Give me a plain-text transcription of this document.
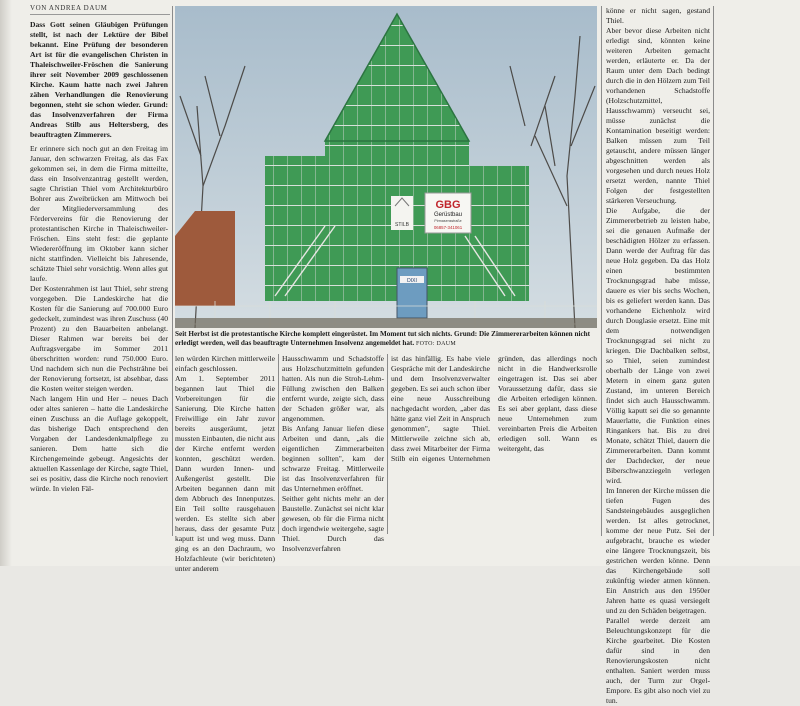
VON ANDREA DAUM

Dass Gott seinen Gläubigen Prüfungen stellt, ist nach der Lektüre der Bibel bekannt. Eine Prüfung der besonderen Art ist für die evangelischen Christen in Thaleischweiler-Fröschen die Sanierung ihrer seit November 2009 geschlossenen Kirche. Kaum hatte nach zwei Jahren zähen Verhandlungen die Renovierung begonnen, steht sie schon wieder. Grund: das Insolvenzverfahren der Firma Andreas Stilb aus Heltersberg, des beauftragten Zimmerers.

Er erinnere sich noch gut an den Freitag im Januar, den schwarzen Freitag, als das Fax gekommen sei, in dem die Firma mitteilte, dass ein Insolvenzantrag gestellt werden, sagte Christian Thiel vom Architekturbüro Bohrer aus Zweibrücken am Mittwoch bei der Mitgliederversammlung des Fördervereins für die Renovierung der protestantischen Kirche in Thaleischweiler-Fröschen. Eins steht fest: die geplante Wiedereröffnung im Oktober kann sicher nicht stattfinden. Vielleicht bis Jahresende, schätzte Thiel sehr vorsichtig. Wenn alles gut laufe.
Der Kostenrahmen ist laut Thiel, sehr streng vorgegeben. Die Landeskirche hat die Kosten für die Sanierung auf 700.000 Euro gedeckelt, zumindest was ihren Zuschuss (40 Prozent) zu den Bauarbeiten anbelangt. Dieser Rahmen war bereits bei der Auftragsvergabe im Sommer 2011 überschritten worden: rund 750.000 Euro. Und nachdem sich nun die Pechsträhne bei der Renovierung fortsetzt, ist absehbar, dass die Kosten weiter steigen werden.
Nach langem Hin und Her – neues Dach oder altes sanieren – hatte die Landeskirche einen Zuschuss an die Auflage gekoppelt, das bisherige Dach entsprechend den Vorgaben der Landesdenkmalpflege zu sanieren. Dem hatte sich die Kirchengemeinde gebeugt. Angesichts der aktuellen Kassenlage der Kirche, sagte Thiel, sei es positiv, dass die Kirche noch renoviert würde. In vielen Fäl-

STILB
GBG
Gerüstbau
Pirmasensstraße
06857-341061
DIXI
Seit Herbst ist die protestantische Kirche komplett eingerüstet. Im Moment tut sich nichts. Grund: Die Zimmererarbeiten können nicht erledigt werden, weil das beauftragte Unternehmen Insolvenz angemeldet hat. FOTO: DAUM

len würden Kirchen mittlerweile einfach geschlossen.
Am 1. September 2011 begannen laut Thiel die Vorbereitungen für die Sanierung. Die Kirche hatten Freiwillige ein Jahr zuvor bereits ausgeräumt, jetzt mussten Einbauten, die nicht aus der Kirche entfernt werden konnten, geschützt werden. Dann wurden Innen- und Außengerüst gestellt. Die Arbeiten begannen dann mit dem Abbruch des Innenputzes. Ein Teil sollte rausgehauen werden. Es stellte sich aber heraus, dass der gesamte Putz kaputt ist und weg muss. Dann ging es an den Dachraum, wo Holzfachleute (wir berichteten) unter anderem

Hausschwamm und Schadstoffe aus Holzschutzmitteln gefunden hatten. Als nun die Stroh-Lehm-Füllung zwischen den Balken entfernt wurde, zeigte sich, dass der Schaden größer war, als angenommen.
Bis Anfang Januar liefen diese Arbeiten und dann, „als die eigentlichen Zimmerarbeiten beginnen sollten", kam der schwarze Freitag. Mittlerweile ist das Insolvenzverfahren für das Unternehmen eröffnet.
Seither geht nichts mehr an der Baustelle. Zunächst sei nicht klar gewesen, ob für die Firma nicht doch irgendwie weitergehe, sagte Thiel. Durch das Insolvenzverfahren

ist das hinfällig. Es habe viele Gespräche mit der Landeskirche und dem Insolvenzverwalter gegeben. Es sei auch schon über eine neue Ausschreibung nachgedacht worden, „aber das hätte ganz viel Zeit in Anspruch genommen", sagte Thiel. Mittlerweile zeichne sich ab, dass zwei Mitarbeiter der Firma Stilb ein eigenes Unternehmen gründen, das allerdings noch nicht in die Handwerksrolle eingetragen ist. Das sei aber Voraussetzung dafür, dass sie die Arbeiten erledigen können. Es sei aber geplant, dass diese neue Unternehmen zum vereinbarten Preis die Arbeiten erledigen soll. Wann es weitergeht, das

könne er nicht sagen, gestand Thiel.
Aber bevor diese Arbeiten nicht erledigt sind, könnten keine weiteren Arbeiten gemacht werden, erläuterte er. Da der Raum unter dem Dach bedingt durch die in den Hölzern zum Teil vorhandenen Schadstoffe (Holzschutzmittel, Hausschwamm) verseucht sei, müsse zunächst die Kontamination beseitigt werden: Balken müssen zum Teil getauscht, andere müssen länger abgeschnitten werden als vorgesehen und durch neues Holz ersetzt werden, nannte Thiel Folgen der festgestellten stärkeren Verseuchung.
Die Aufgabe, die der Zimmererbetrieb zu leisten habe, sei die genauen Aufmaße der beschädigten Hölzer zu erfassen. Dann werde der Auftrag für das neue Holz gegeben. Da das Holz einen bestimmten Trocknungsgrad habe müsse, dauere es vier bis sechs Wochen, bis es geliefert werden kann. Das vorhandene Eichenholz wird durch Douglasie ersetzt. Eine mit dem notwendigen Trocknungsgrad sei nicht zu kriegen. Die Dachbalken selbst, so Thiel, seien zumindest oberhalb der Länge von zwei Metern in einem ganz guten Zustand, im unteren Bereich findet sich auch Hausschwamm. Völlig kaputt sei die so genannte Mauerlatte, die Funktion eines Ringankers hat. Bis zu drei Monate, schätzt Thiel, dauern die Zimmererarbeiten. Dann kommt der Dachdecker, der neue Biberschwanzziegeln verlegen wird.
Im Inneren der Kirche müssen die tiefen Fugen des Sandsteingebäudes ausgeglichen werden. Ist alles getrocknet, komme der neue Putz. Sei der aufgebracht, brauche es wieder eine längere Trocknungszeit, bis gestrichen werden könne. Denn das Kirchengebäude soll zukünftig wieder atmen können. Ein Anstrich aus den 1950er Jahren hatte es quasi versiegelt und zu den Schäden beigetragen.
Parallel werde derzeit am Beleuchtungskonzept für die Kirche gearbeitet. Die Kosten dafür sind in den Renovierungskosten nicht enthalten. Saniert werden muss auch, der Turm zur Orgel-Empore. Es gibt also noch viel zu tun.
